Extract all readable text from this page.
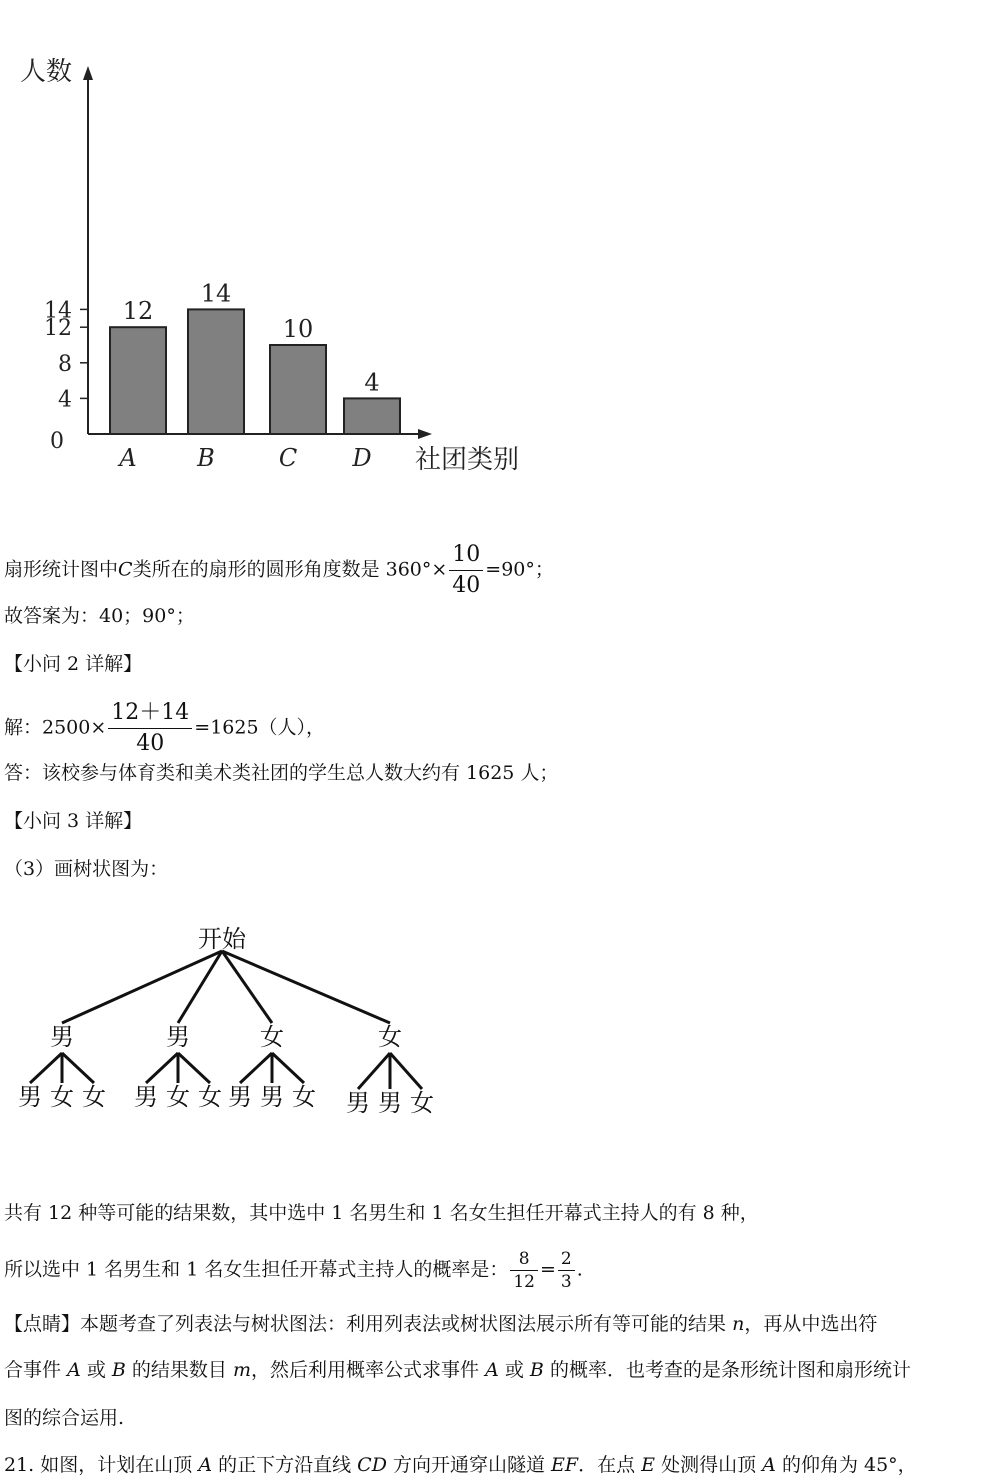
人数
社团类别
0
4
8
12
14 12
A
14
B
10
C
4
D
扇形统计图中C类所在的扇形的圆形角度数是 $360^\circ\times \frac{10}{40} =90^\circ$；
故答案为：40；90°；
【小问 2 详解】
解：$2500\times \frac{12+14}{40} =1625$（人），
答：该校参与体育类和美术类社团的学生总人数大约有 1625 人；
【小问 3 详解】
（3）画树状图为：
开始
男
男 女 女
男
男 女 女
女
男 男 女
女
男 男 女
共有 12 种等可能的结果数，其中选中 1 名男生和 1 名女生担任开幕式主持人的有 8 种，
所以选中 1 名男生和 1 名女生担任开幕式主持人的概率是： $\frac{8}{12} = \frac{2}{3}$ .
【点睛】本题考查了列表法与树状图法：利用列表法或树状图法展示所有等可能的结果 n，再从中选出符
合事件 A 或 B 的结果数目 m，然后利用概率公式求事件 A 或 B 的概率．也考查的是条形统计图和扇形统计
图的综合运用.
21. 如图，计划在山顶 A 的正下方沿直线 CD 方向开通穿山隧道 EF．在点 E 处测得山顶 A 的仰角为 45°，
